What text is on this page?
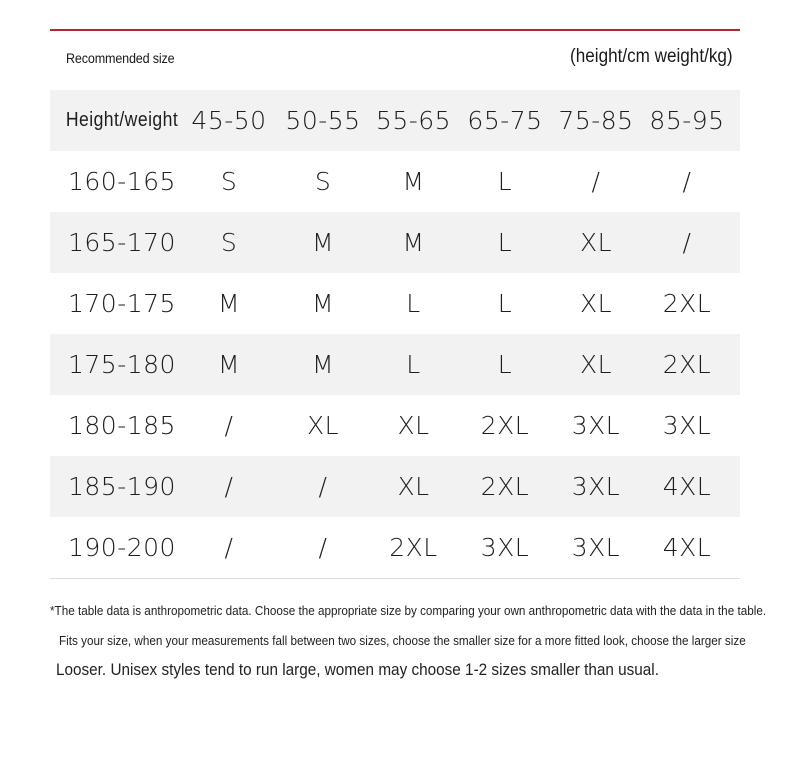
Recommended size	(height/cm weight/kg)
Height/weight 45-50 50-55 55-65 65-75 75-85 85-95
160-165	S	S	M	L	/	/
165-170	S	M	M	L	XL	/
170-175	M	M	L	L	XL	2XL
175-180	M	M	L	L	XL	2XL
180-185	/	XL	XL	2XL	3XL	3XL
185-190	/	/	XL	2XL	3XL	4XL
190-200	/	/	2XL	3XL	3XL	4XL
*The table data is anthropometric data. Choose the appropriate size by comparing your own anthropometric data with the data in the table.
Fits your size, when your measurements fall between two sizes, choose the smaller size for a more fitted look, choose the larger size
Looser. Unisex styles tend to run large, women may choose 1-2 sizes smaller than usual.
